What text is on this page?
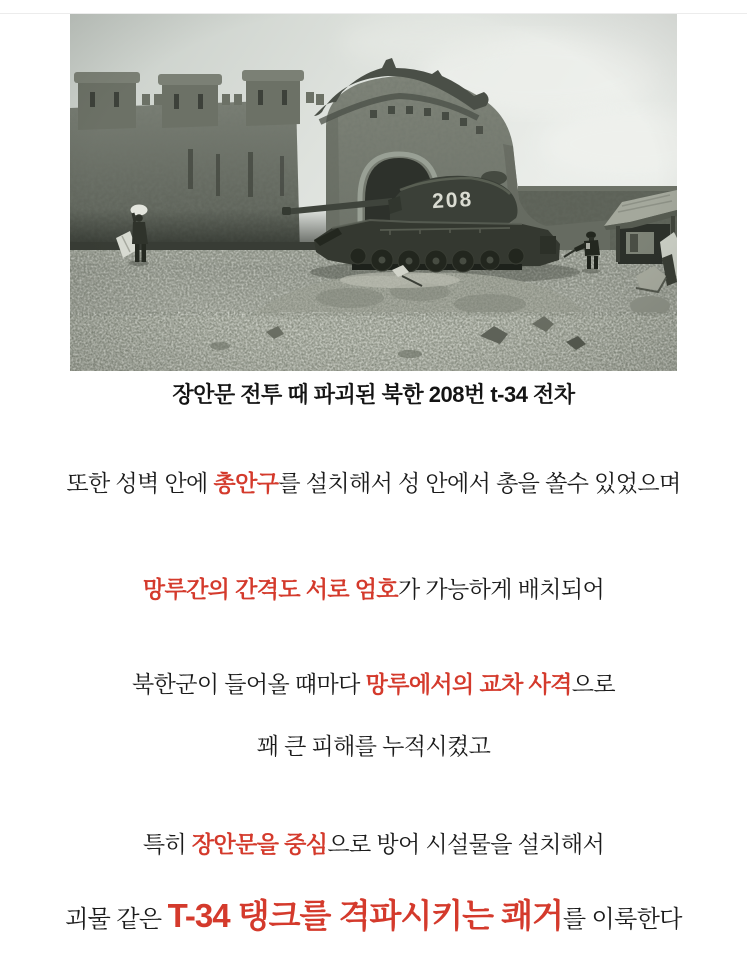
장안문 전투 때 파괴된 북한 208번 t-34 전차

또한 성벽 안에 총안구를 설치해서 성 안에서 총을 쏠수 있었으며

망루간의 간격도 서로 엄호가 가능하게 배치되어

북한군이 들어올 떄마다 망루에서의 교차 사격으로

꽤 큰 피해를 누적시켰고

특히 장안문을 중심으로 방어 시설물을 설치해서

괴물 같은 T-34 탱크를 격파시키는 쾌거를 이룩한다
